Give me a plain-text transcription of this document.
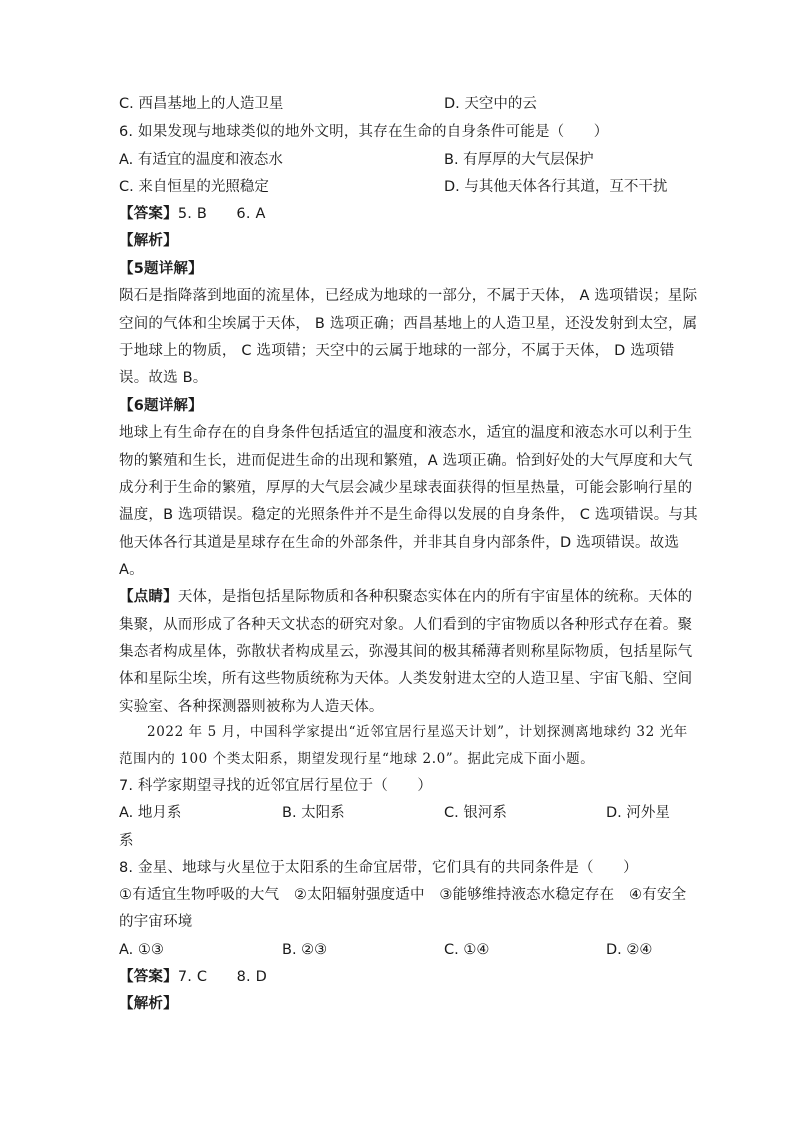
C. 西昌基地上的人造卫星	D. 天空中的云
6. 如果发现与地球类似的地外文明，其存在生命的自身条件可能是（　　）
A. 有适宜的温度和液态水	B. 有厚厚的大气层保护
C. 来自恒星的光照稳定	D. 与其他天体各行其道，互不干扰
【答案】5. B　　6. A
【解析】
【5题详解】
陨石是指降落到地面的流星体，已经成为地球的一部分，不属于天体， A 选项错误；星际
空间的气体和尘埃属于天体， B 选项正确；西昌基地上的人造卫星，还没发射到太空，属
于地球上的物质， C 选项错；天空中的云属于地球的一部分，不属于天体， D 选项错
误。故选 B。
【6题详解】
地球上有生命存在的自身条件包括适宜的温度和液态水，适宜的温度和液态水可以利于生
物的繁殖和生长，进而促进生命的出现和繁殖，A 选项正确。恰到好处的大气厚度和大气
成分利于生命的繁殖，厚厚的大气层会减少星球表面获得的恒星热量，可能会影响行星的
温度，B 选项错误。稳定的光照条件并不是生命得以发展的自身条件， C 选项错误。与其
他天体各行其道是星球存在生命的外部条件，并非其自身内部条件，D 选项错误。故选
A。
【点睛】天体，是指包括星际物质和各种积聚态实体在内的所有宇宙星体的统称。天体的
集聚，从而形成了各种天文状态的研究对象。人们看到的宇宙物质以各种形式存在着。聚
集态者构成星体，弥散状者构成星云，弥漫其间的极其稀薄者则称星际物质，包括星际气
体和星际尘埃，所有这些物质统称为天体。人类发射进太空的人造卫星、宇宙飞船、空间
实验室、各种探测器则被称为人造天体。
2022 年 5 月，中国科学家提出“近邻宜居行星巡天计划”，计划探测离地球约 32 光年
范围内的 100 个类太阳系，期望发现行星“地球 2.0”。据此完成下面小题。
7. 科学家期望寻找的近邻宜居行星位于（　　）
A. 地月系	B. 太阳系	C. 银河系	D. 河外星
系
8. 金星、地球与火星位于太阳系的生命宜居带，它们具有的共同条件是（　　）
①有适宜生物呼吸的大气　②太阳辐射强度适中　③能够维持液态水稳定存在　④有安全
的宇宙环境
A. ①③	B. ②③	C. ①④	D. ②④
【答案】7. C　　8. D
【解析】
